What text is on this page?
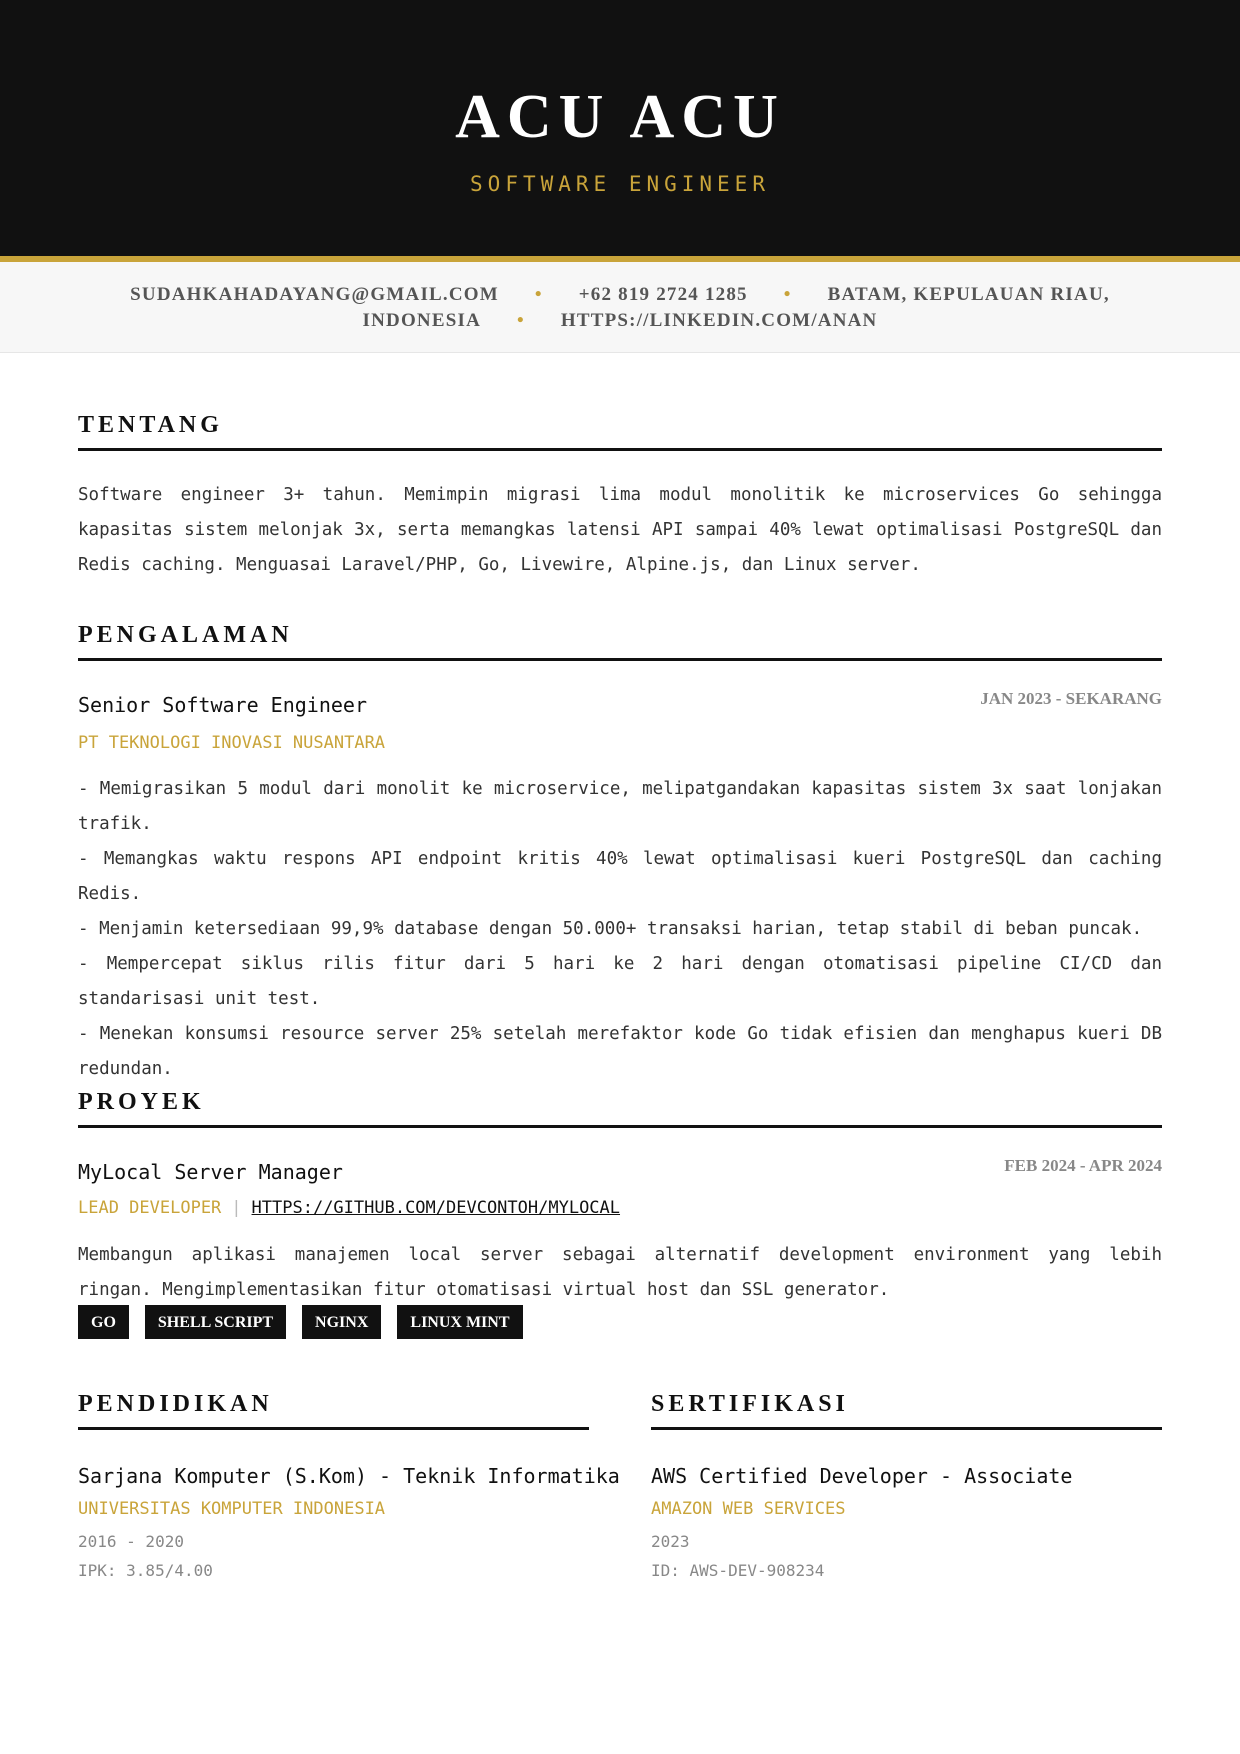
ACU ACU
SOFTWARE ENGINEER
SUDAHKAHADAYANG@GMAIL.COM • +62 819 2724 1285 • BATAM, KEPULAUAN RIAU,
INDONESIA • HTTPS://LINKEDIN.COM/ANAN
TENTANG

Software engineer 3+ tahun. Memimpin migrasi lima modul monolitik ke microservices Go sehingga kapasitas sistem melonjak 3x, serta memangkas latensi API sampai 40% lewat optimalisasi PostgreSQL dan Redis caching. Menguasai Laravel/PHP, Go, Livewire, Alpine.js, dan Linux server.

PENGALAMAN
Senior Software Engineer	JAN 2023 - SEKARANG
PT TEKNOLOGI INOVASI NUSANTARA
- Memigrasikan 5 modul dari monolit ke microservice, melipatgandakan kapasitas sistem 3x saat lonjakan trafik.
- Memangkas waktu respons API endpoint kritis 40% lewat optimalisasi kueri PostgreSQL dan caching Redis.
- Menjamin ketersediaan 99,9% database dengan 50.000+ transaksi harian, tetap stabil di beban puncak.
- Mempercepat siklus rilis fitur dari 5 hari ke 2 hari dengan otomatisasi pipeline CI/CD dan standarisasi unit test.
- Menekan konsumsi resource server 25% setelah merefaktor kode Go tidak efisien dan menghapus kueri DB redundan.
PROYEK
MyLocal Server Manager	FEB 2024 - APR 2024
LEAD DEVELOPER | HTTPS://GITHUB.COM/DEVCONTOH/MYLOCAL

Membangun aplikasi manajemen local server sebagai alternatif development environment yang lebih ringan. Mengimplementasikan fitur otomatisasi virtual host dan SSL generator.

GO	SHELL SCRIPT	NGINX	LINUX MINT
PENDIDIKAN
Sarjana Komputer (S.Kom) - Teknik Informatika
UNIVERSITAS KOMPUTER INDONESIA
2016 - 2020
IPK: 3.85/4.00
SERTIFIKASI
AWS Certified Developer - Associate
AMAZON WEB SERVICES
2023
ID: AWS-DEV-908234
